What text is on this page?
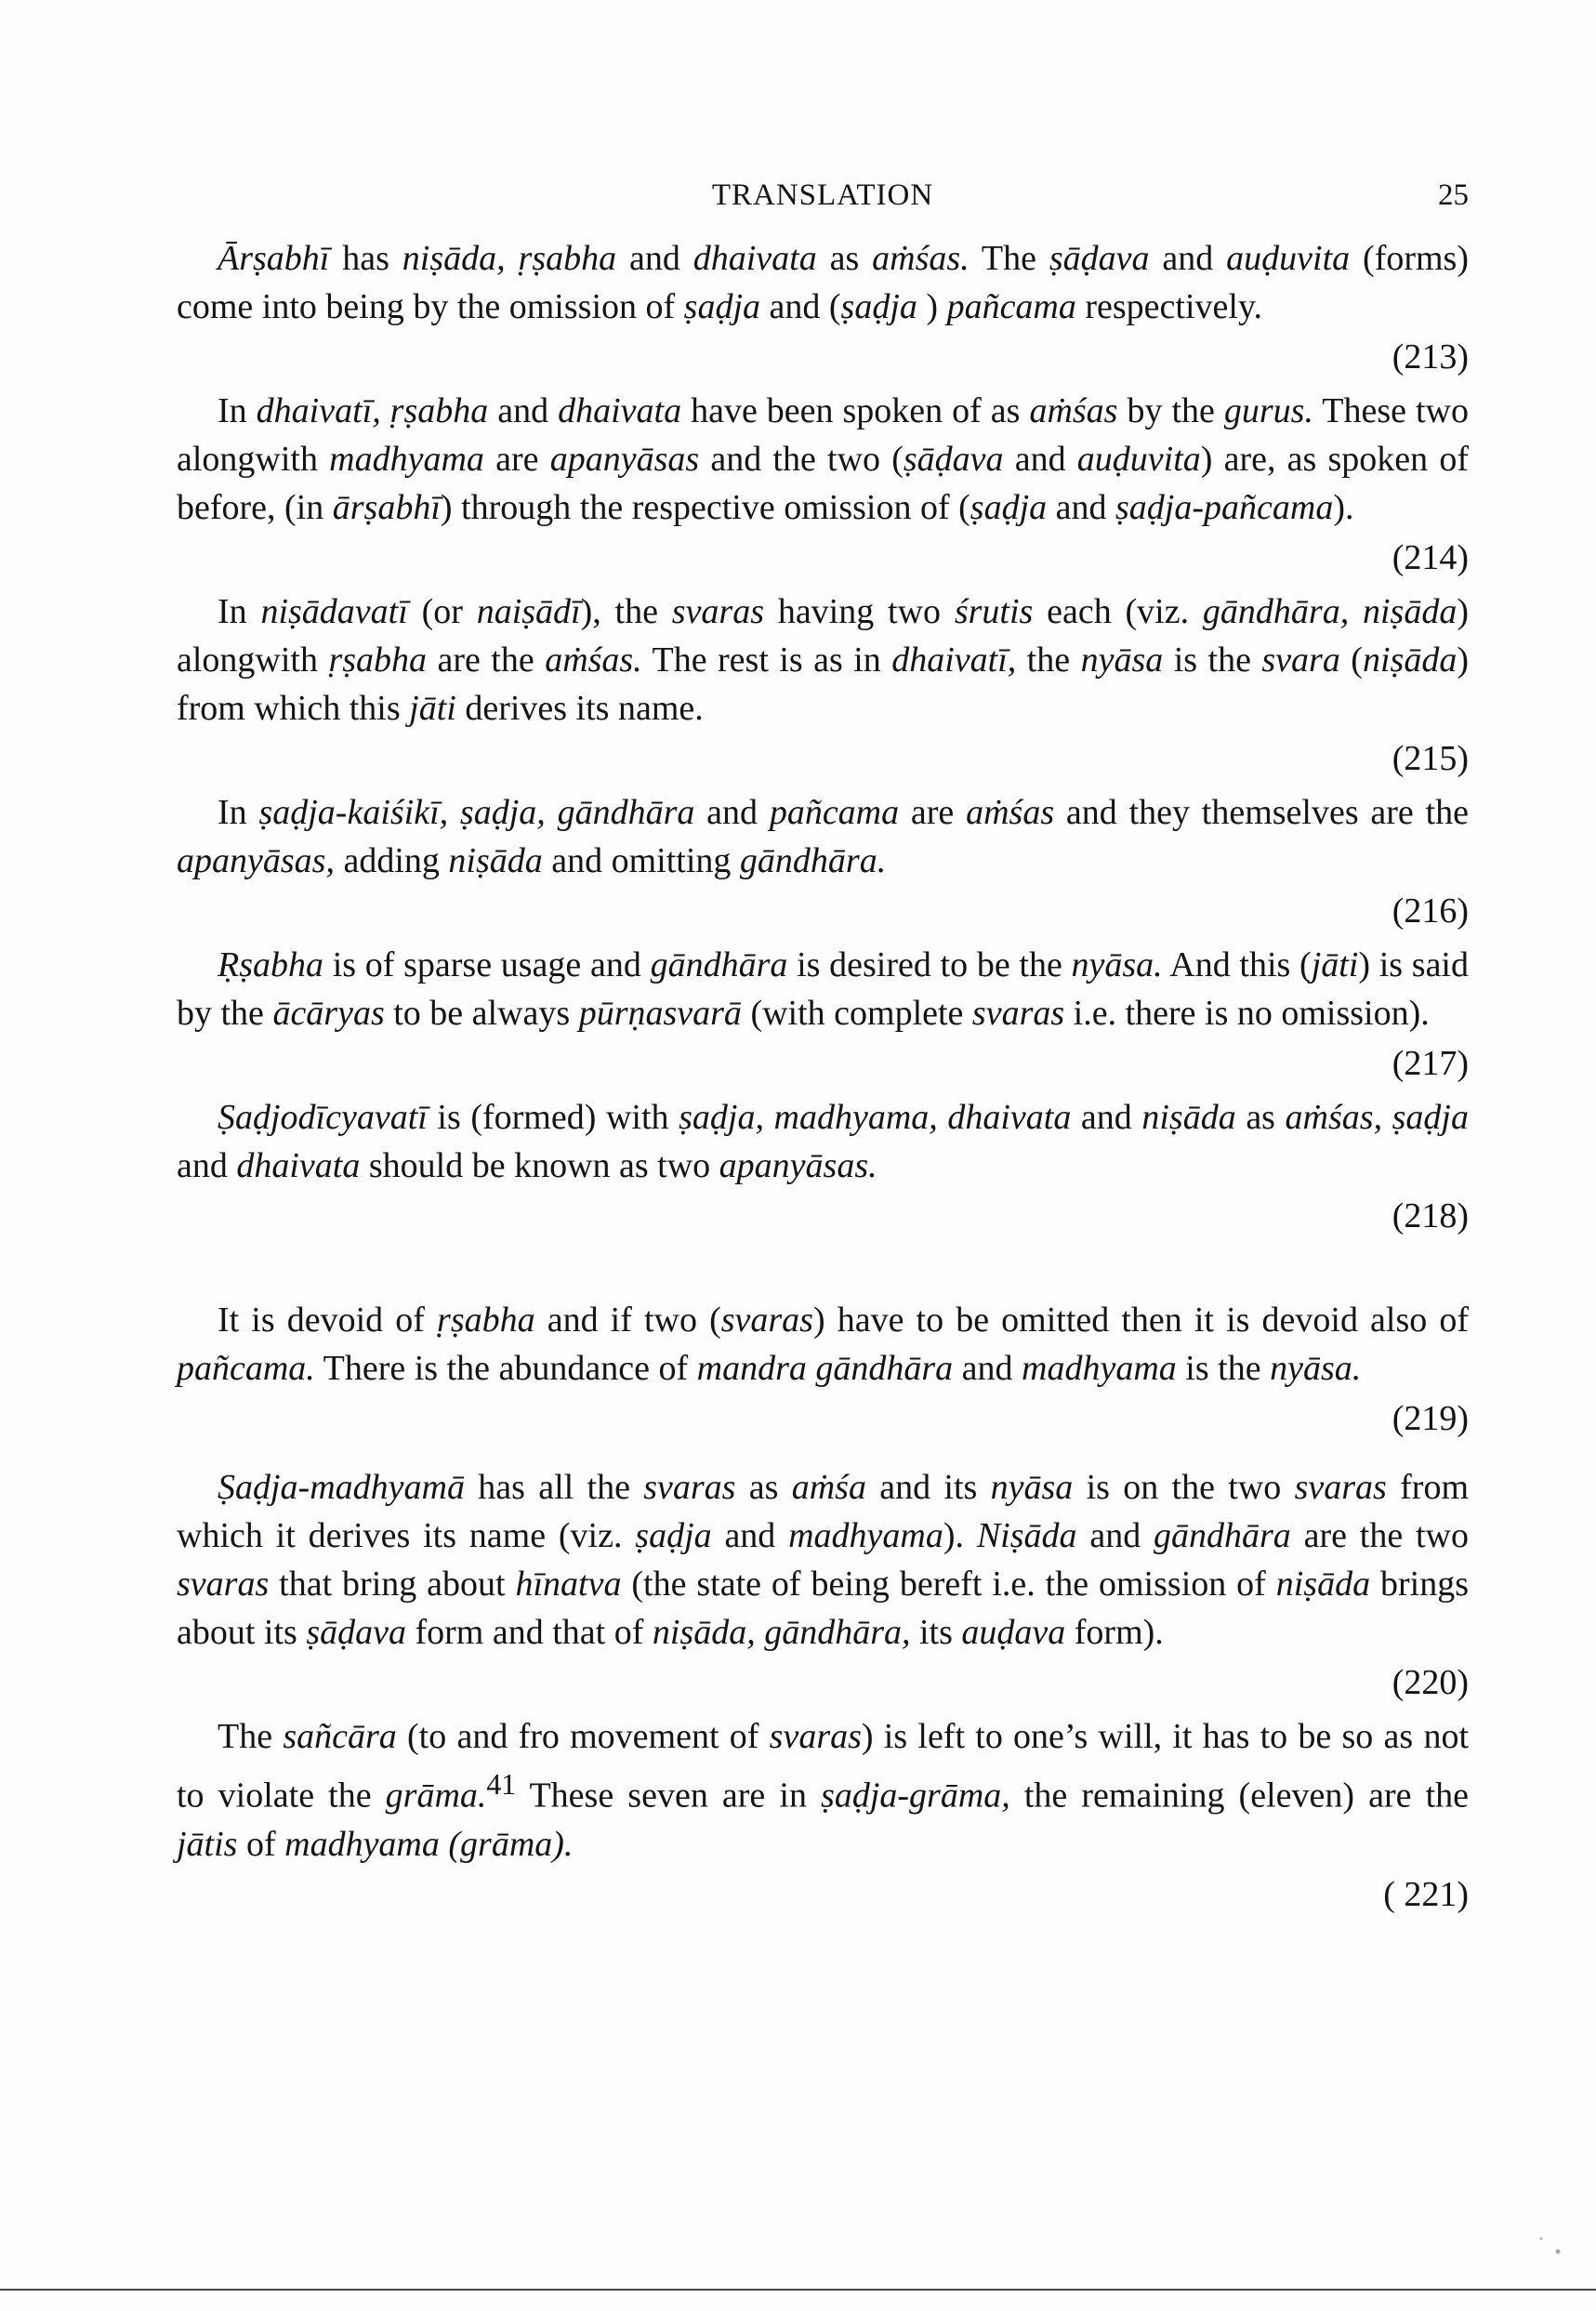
TRANSLATION	25

Ārṣabhī has niṣāda, ṛṣabha and dhaivata as aṁśas. The ṣāḍava and auḍuvita (forms) come into being by the omission of ṣaḍja and (ṣaḍja ) pañcama respectively.

(213)

In dhaivatī, ṛṣabha and dhaivata have been spoken of as aṁśas by the gurus. These two alongwith madhyama are apanyāsas and the two (ṣāḍava and auḍuvita) are, as spoken of before, (in ārṣabhī) through the respective omission of (ṣaḍja and ṣaḍja-pañcama).

(214)

In niṣādavatī (or naiṣādī), the svaras having two śrutis each (viz. gāndhāra, niṣāda) alongwith ṛṣabha are the aṁśas. The rest is as in dhaivatī, the nyāsa is the svara (niṣāda) from which this jāti derives its name.

(215)

In ṣaḍja-kaiśikī, ṣaḍja, gāndhāra and pañcama are aṁśas and they themselves are the apanyāsas, adding niṣāda and omitting gāndhāra.

(216)

Ṛṣabha is of sparse usage and gāndhāra is desired to be the nyāsa. And this (jāti) is said by the ācāryas to be always pūrṇasvarā (with complete svaras i.e. there is no omission).

(217)

Ṣaḍjodīcyavatī is (formed) with ṣaḍja, madhyama, dhaivata and niṣāda as aṁśas, ṣaḍja and dhaivata should be known as two apanyāsas.

(218)

It is devoid of ṛṣabha and if two (svaras) have to be omitted then it is devoid also of pañcama. There is the abundance of mandra gāndhāra and madhyama is the nyāsa.

(219)

Ṣaḍja-madhyamā has all the svaras as aṁśa and its nyāsa is on the two svaras from which it derives its name (viz. ṣaḍja and madhyama). Niṣāda and gāndhāra are the two svaras that bring about hīnatva (the state of being bereft i.e. the omission of niṣāda brings about its ṣāḍava form and that of niṣāda, gāndhāra, its auḍava form).

(220)

The sañcāra (to and fro movement of svaras) is left to one’s will, it has to be so as not to violate the grāma.$^{41}$ These seven are in ṣaḍja-grāma, the remaining (eleven) are the jātis of madhyama (grāma).

( 221)
